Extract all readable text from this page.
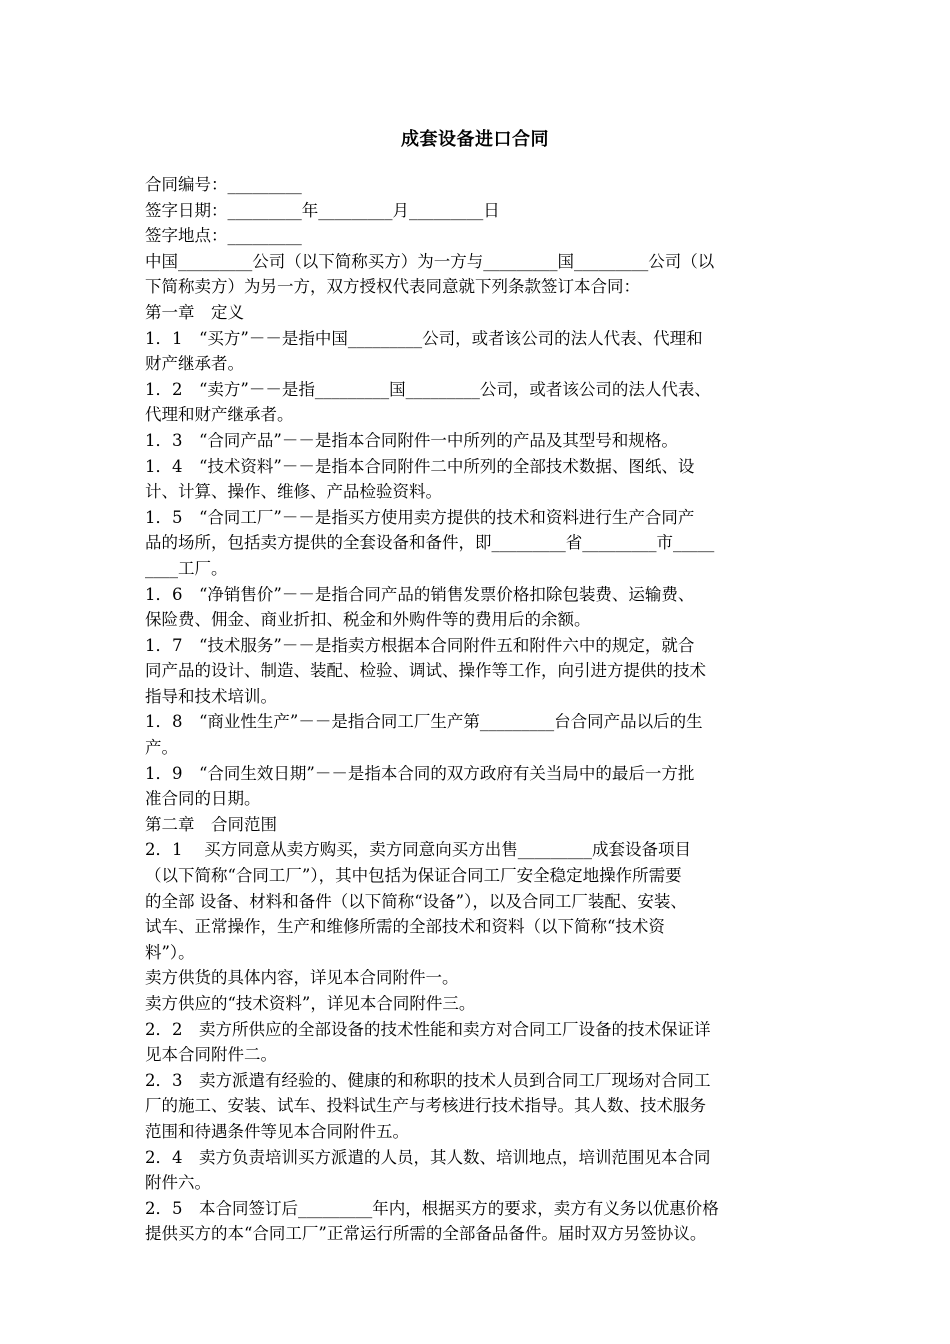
成套设备进口合同
合同编号：_________
签字日期：_________年_________月_________日
签字地点：_________
中国_________公司（以下简称买方）为一方与_________国_________公司（以
下简称卖方）为另一方，双方授权代表同意就下列条款签订本合同：
第一章　定义
1．1　“买方”－－是指中国_________公司，或者该公司的法人代表、代理和
财产继承者。
1．2　“卖方”－－是指_________国_________公司，或者该公司的法人代表、
代理和财产继承者。
1．3　“合同产品”－－是指本合同附件一中所列的产品及其型号和规格。
1．4　“技术资料”－－是指本合同附件二中所列的全部技术数据、图纸、设
计、计算、操作、维修、产品检验资料。
1．5　“合同工厂”－－是指买方使用卖方提供的技术和资料进行生产合同产
品的场所，包括卖方提供的全套设备和备件，即_________省_________市_____
____工厂。
1．6　“净销售价”－－是指合同产品的销售发票价格扣除包装费、运输费、
保险费、佣金、商业折扣、税金和外购件等的费用后的余额。
1．7　“技术服务”－－是指卖方根据本合同附件五和附件六中的规定，就合
同产品的设计、制造、装配、检验、调试、操作等工作，向引进方提供的技术
指导和技术培训。
1．8　“商业性生产”－－是指合同工厂生产第_________台合同产品以后的生
产。
1．9　“合同生效日期”－－是指本合同的双方政府有关当局中的最后一方批
准合同的日期。
第二章　合同范围
2．1　 买方同意从卖方购买，卖方同意向买方出售_________成套设备项目
（以下简称“合同工厂”），其中包括为保证合同工厂安全稳定地操作所需要
的全部 设备、材料和备件（以下简称“设备”），以及合同工厂装配、安装、
试车、正常操作，生产和维修所需的全部技术和资料（以下简称“技术资
料”）。
卖方供货的具体内容，详见本合同附件一。
卖方供应的“技术资料”，详见本合同附件三。
2．2　卖方所供应的全部设备的技术性能和卖方对合同工厂设备的技术保证详
见本合同附件二。
2．3　卖方派遣有经验的、健康的和称职的技术人员到合同工厂现场对合同工
厂的施工、安装、试车、投料试生产与考核进行技术指导。其人数、技术服务
范围和待遇条件等见本合同附件五。
2．4　卖方负责培训买方派遣的人员，其人数、培训地点，培训范围见本合同
附件六。
2．5　本合同签订后_________年内，根据买方的要求，卖方有义务以优惠价格
提供买方的本“合同工厂”正常运行所需的全部备品备件。届时双方另签协议。
